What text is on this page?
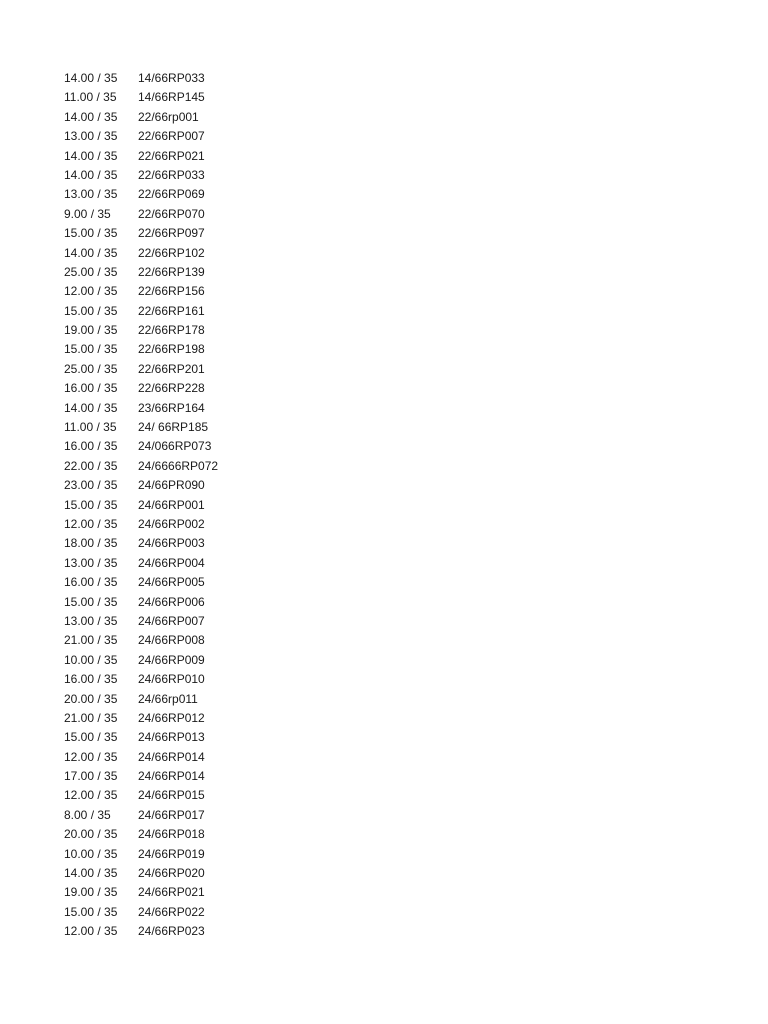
14.00 / 35	14/66RP033
11.00 / 35	14/66RP145
14.00 / 35	22/66rp001
13.00 / 35	22/66RP007
14.00 / 35	22/66RP021
14.00 / 35	22/66RP033
13.00 / 35	22/66RP069
9.00 / 35	22/66RP070
15.00 / 35	22/66RP097
14.00 / 35	22/66RP102
25.00 / 35	22/66RP139
12.00 / 35	22/66RP156
15.00 / 35	22/66RP161
19.00 / 35	22/66RP178
15.00 / 35	22/66RP198
25.00 / 35	22/66RP201
16.00 / 35	22/66RP228
14.00 / 35	23/66RP164
11.00 / 35	24/ 66RP185
16.00 / 35	24/066RP073
22.00 / 35	24/6666RP072
23.00 / 35	24/66PR090
15.00 / 35	24/66RP001
12.00 / 35	24/66RP002
18.00 / 35	24/66RP003
13.00 / 35	24/66RP004
16.00 / 35	24/66RP005
15.00 / 35	24/66RP006
13.00 / 35	24/66RP007
21.00 / 35	24/66RP008
10.00 / 35	24/66RP009
16.00 / 35	24/66RP010
20.00 / 35	24/66rp011
21.00 / 35	24/66RP012
15.00 / 35	24/66RP013
12.00 / 35	24/66RP014
17.00 / 35	24/66RP014
12.00 / 35	24/66RP015
8.00 / 35	24/66RP017
20.00 / 35	24/66RP018
10.00 / 35	24/66RP019
14.00 / 35	24/66RP020
19.00 / 35	24/66RP021
15.00 / 35	24/66RP022
12.00 / 35	24/66RP023
